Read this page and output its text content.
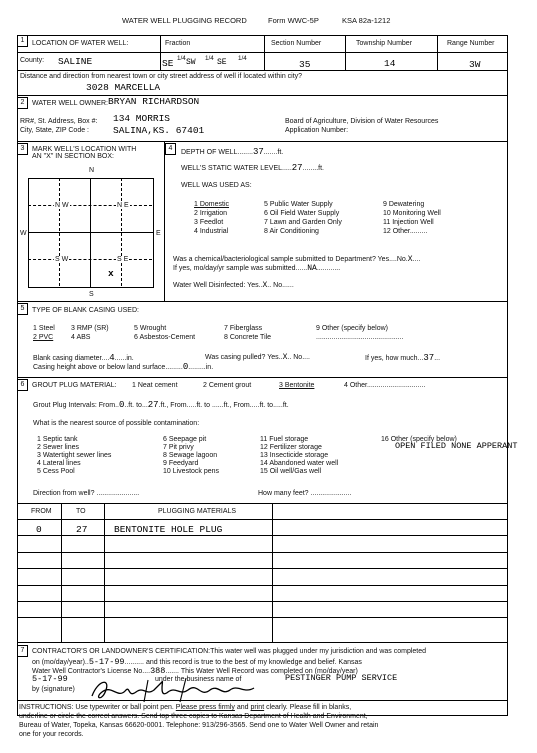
WATER WELL PLUGGING RECORD	Form WWC-5P	KSA 82a-1212
1	LOCATION OF WATER WELL:	Fraction	Section Number	Township Number	Range Number
County: SALINE	SE 1/4 SW 1/4 SE 1/4
35	14	3W
Distance and direction from nearest town or city street address of well if located within city?
3028 MARCELLA
2	WATER WELL OWNER: BRYAN RICHARDSON
RR#, St. Address, Box #: 134 MORRIS
City, State, ZIP Code :	SALINA,KS. 67401
Board of Agriculture, Division of Water Resources
Application Number:
3	MARK WELL'S LOCATION WITH
AN "X" IN SECTION BOX:
N
S
W	E
N W	N E
S W	S E
x
4
DEPTH OF WELL........37.......ft.
WELL'S STATIC WATER LEVEL.....27........ft.
WELL WAS USED AS:
1 Domestic	5 Public Water Supply	9 Dewatering
2 Irrigation	6 Oil Field Water Supply	10 Monitoring Well
3 Feedlot	7 Lawn and Garden Only	11 Injection Well
4 Industrial	8 Air Conditioning	12 Other.........
Was a chemical/bacteriological sample submitted to Department? Yes....No.X....
If yes, mo/day/yr sample was submitted......NA............
Water Well Disinfected: Yes..X.. No......
5	TYPE OF BLANK CASING USED:
1 Steel 3 RMP (SR)	5 Wrought	7 Fiberglass	9 Other (specify below)
2 PVC	4 ABS	6 Asbestos-Cement	8 Concrete Tile	.............................................
Blank casing diameter....4......in.	Was casing pulled? Yes..X.. No....	If yes, how much...37...
Casing height above or below land surface.........0.........in.
6	GROUT PLUG MATERIAL: 1 Neat cement	2 Cement grout	3 Bentonite	4 Other..............................
Grout Plug Intervals: From..0..ft. to...27.ft., From.....ft. to ......ft., From.....ft. to.....ft.
What is the nearest source of possible contamination:
1 Septic tank
2 Sewer lines
3 Watertight sewer lines
4 Lateral lines
5 Cess Pool
6 Seepage pit
7 Pit privy
8 Sewage lagoon
9 Feedyard
10 Livestock pens
11 Fuel storage
12 Fertilizer storage
13 Insecticide storage
14 Abandoned water well
15 Oil well/Gas well
16 Other (specify below)
OPEN FILED NONE APPERANT
Direction from well? ......................	How many feet? .....................
FROM	TO	PLUGGING MATERIALS
0	27	BENTONITE HOLE PLUG
7	CONTRACTOR'S OR LANDOWNER'S CERTIFICATION:This water well was plugged under my jurisdiction and was completed
on (mo/day/year)..5-17-99.......... and this record is true to the best of my knowledge and belief. Kansas
Water Well Contractor's License No....388....... This Water Well Record was completed on (mo/day/year)
5-17-99	under the business name of	PESTINGER PUMP SERVICE
by (signature)
INSTRUCTIONS: Use typewriter or ball point pen. Please press firmly and print clearly. Please fill in blanks,
underline or circle the correct answers. Send top three copies to Kansas Department of Health and Environment,
Bureau of Water, Topeka, Kansas 66620-0001. Telephone: 913/296-3565. Send one to Water Well Owner and retain
one for your records.
